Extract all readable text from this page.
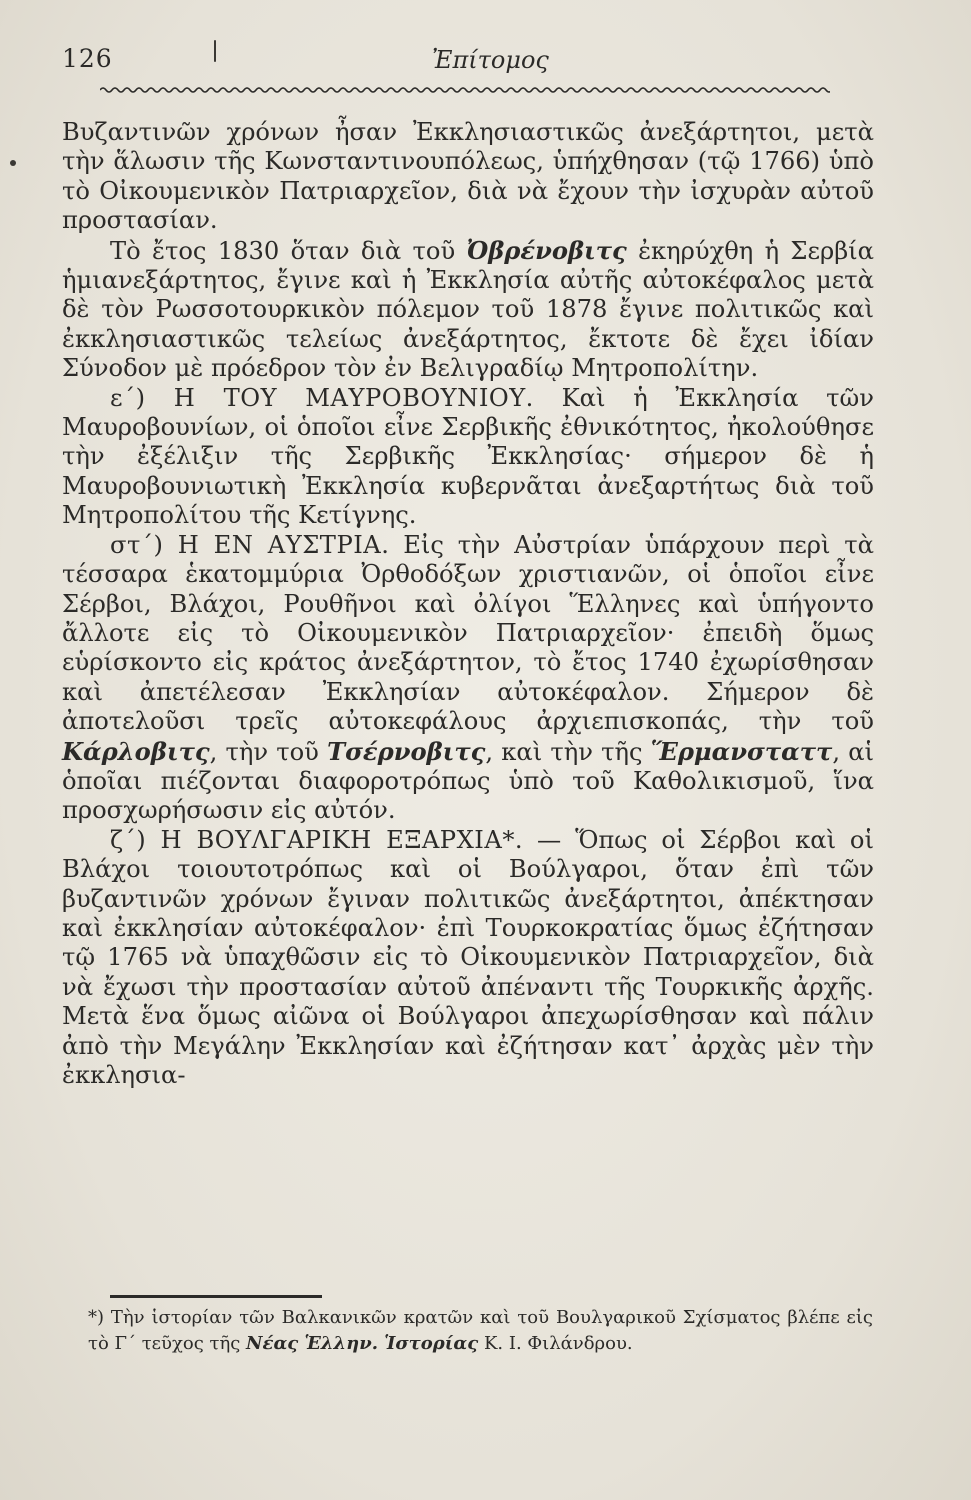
126	Ἐπίτομος

Βυζαντινῶν χρόνων ἦσαν Ἐκκλησιαστικῶς ἀνεξάρτητοι, μετὰ τὴν ἅλωσιν τῆς Κωνσταντινουπόλεως, ὑπήχθησαν (τῷ 1766) ὑπὸ τὸ Οἰκουμενικὸν Πατριαρχεῖον, διὰ νὰ ἔχουν τὴν ἰσχυρὰν αὐτοῦ προστασίαν.

Τὸ ἔτος 1830 ὅταν διὰ τοῦ Ὀβρένοβιτς ἐκηρύχθη ἡ Σερβία ἡμιανεξάρτητος, ἔγινε καὶ ἡ Ἐκκλησία αὐτῆς αὐτοκέφαλος μετὰ δὲ τὸν Ρωσσοτουρκικὸν πόλεμον τοῦ 1878 ἔγινε πολιτικῶς καὶ ἐκκλησιαστικῶς τελείως ἀνεξάρτητος, ἔκτοτε δὲ ἔχει ἰδίαν Σύνοδον μὲ πρόεδρον τὸν ἐν Βελιγραδίῳ Μητροπολίτην.

ε΄) Η ΤΟΥ ΜΑΥΡΟΒΟΥΝΙΟΥ. Καὶ ἡ Ἐκκλησία τῶν Μαυροβουνίων, οἱ ὁποῖοι εἶνε Σερβικῆς ἐθνικότητος, ἠκολούθησε τὴν ἐξέλιξιν τῆς Σερβικῆς Ἐκκλησίας· σήμερον δὲ ἡ Μαυροβουνιωτικὴ Ἐκκλησία κυβερνᾶται ἀνεξαρτήτως διὰ τοῦ Μητροπολίτου τῆς Κετίγνης.

στ΄) Η ΕΝ ΑΥΣΤΡΙΑ. Εἰς τὴν Αὐστρίαν ὑπάρχουν περὶ τὰ τέσσαρα ἑκατομμύρια Ὀρθοδόξων χριστιανῶν, οἱ ὁποῖοι εἶνε Σέρβοι, Βλάχοι, Ρουθῆνοι καὶ ὀλίγοι Ἕλληνες καὶ ὑπήγοντο ἄλλοτε εἰς τὸ Οἰκουμενικὸν Πατριαρχεῖον· ἐπειδὴ ὅμως εὑρίσκοντο εἰς κράτος ἀνεξάρτητον, τὸ ἔτος 1740 ἐχωρίσθησαν καὶ ἀπετέλεσαν Ἐκκλησίαν αὐτοκέφαλον. Σήμερον δὲ ἀποτελοῦσι τρεῖς αὐτοκεφάλους ἀρχιεπισκοπάς, τὴν τοῦ Κάρλοβιτς, τὴν τοῦ Τσέρνοβιτς, καὶ τὴν τῆς Ἕρμανσταττ, αἱ ὁποῖαι πιέζονται διαφοροτρόπως ὑπὸ τοῦ Καθολικισμοῦ, ἵνα προσχωρήσωσιν εἰς αὐτόν.

ζ΄) Η ΒΟΥΛΓΑΡΙΚΗ ΕΞΑΡΧΙΑ*. — Ὅπως οἱ Σέρβοι καὶ οἱ Βλάχοι τοιουτοτρόπως καὶ οἱ Βούλγαροι, ὅταν ἐπὶ τῶν βυζαντινῶν χρόνων ἔγιναν πολιτικῶς ἀνεξάρτητοι, ἀπέκτησαν καὶ ἐκκλησίαν αὐτοκέφαλον· ἐπὶ Τουρκοκρατίας ὅμως ἐζήτησαν τῷ 1765 νὰ ὑπαχθῶσιν εἰς τὸ Οἰκουμενικὸν Πατριαρχεῖον, διὰ νὰ ἔχωσι τὴν προστασίαν αὐτοῦ ἀπέναντι τῆς Τουρκικῆς ἀρχῆς. Μετὰ ἕνα ὅμως αἰῶνα οἱ Βούλγαροι ἀπεχωρίσθησαν καὶ πάλιν ἀπὸ τὴν Μεγάλην Ἐκκλησίαν καὶ ἐζήτησαν κατ᾽ ἀρχὰς μὲν τὴν ἐκκλησια-

*) Τὴν ἱστορίαν τῶν Βαλκανικῶν κρατῶν καὶ τοῦ Βουλγαρικοῦ Σχίσματος βλέπε εἰς τὸ Γ΄ τεῦχος τῆς Νέας Ἑλλην. Ἱστορίας Κ. Ι. Φιλάνδρου.
